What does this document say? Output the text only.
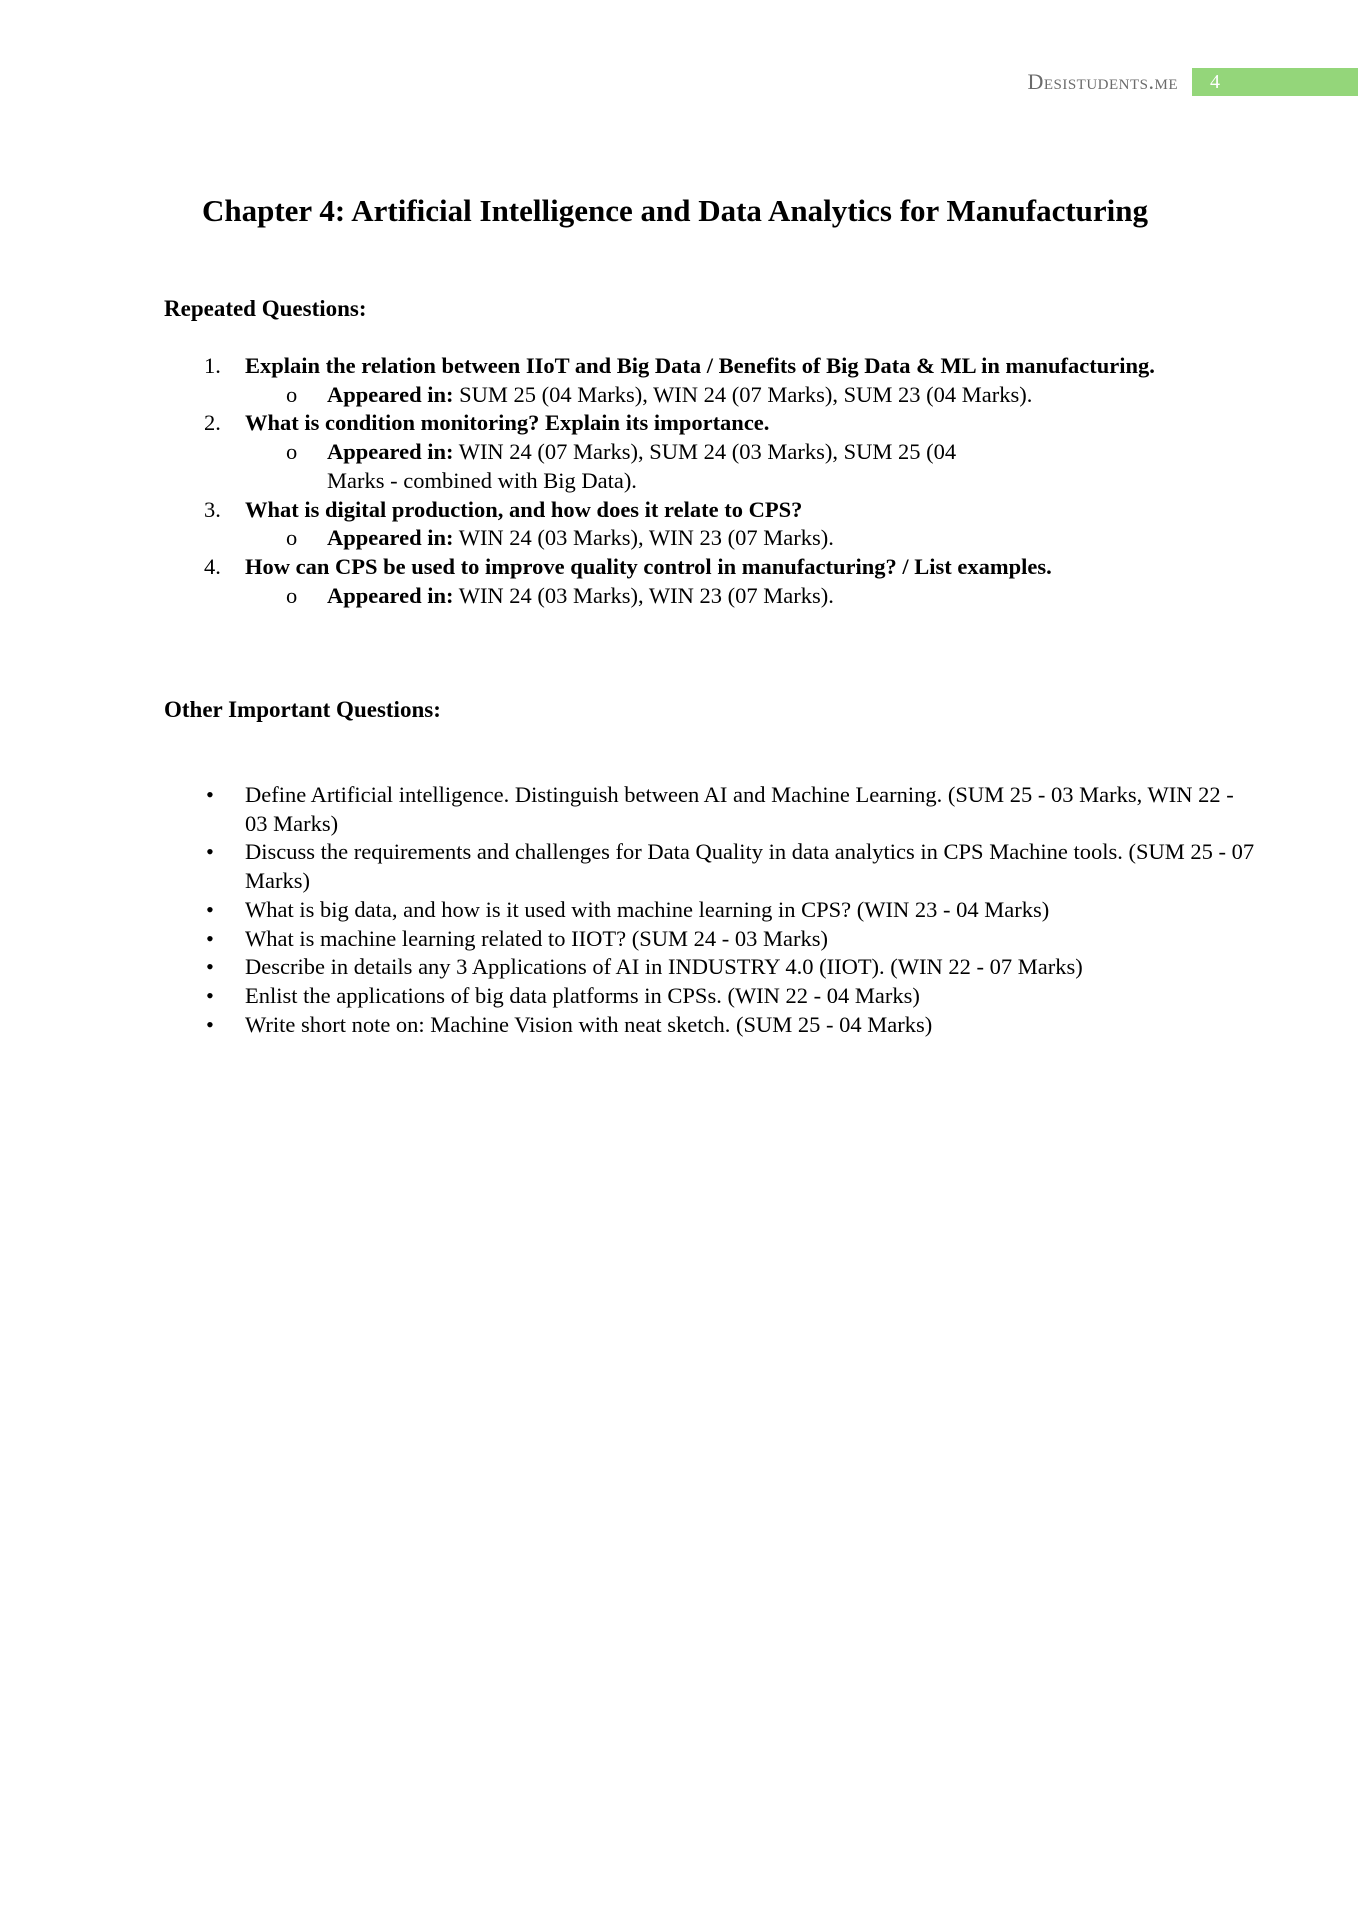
Desistudents.me 4
Chapter 4: Artificial Intelligence and Data Analytics for Manufacturing
Repeated Questions:
1. Explain the relation between IIoT and Big Data / Benefits of Big Data & ML in manufacturing.
o Appeared in: SUM 25 (04 Marks), WIN 24 (07 Marks), SUM 23 (04 Marks).
2. What is condition monitoring? Explain its importance.
o Appeared in: WIN 24 (07 Marks), SUM 24 (03 Marks), SUM 25 (04 Marks - combined with Big Data).
3. What is digital production, and how does it relate to CPS?
o Appeared in: WIN 24 (03 Marks), WIN 23 (07 Marks).
4. How can CPS be used to improve quality control in manufacturing? / List examples.
o Appeared in: WIN 24 (03 Marks), WIN 23 (07 Marks).
Other Important Questions:
• Define Artificial intelligence. Distinguish between AI and Machine Learning. (SUM 25 - 03 Marks, WIN 22 - 03 Marks)
• Discuss the requirements and challenges for Data Quality in data analytics in CPS Machine tools. (SUM 25 - 07 Marks)
• What is big data, and how is it used with machine learning in CPS? (WIN 23 - 04 Marks)
• What is machine learning related to IIOT? (SUM 24 - 03 Marks)
• Describe in details any 3 Applications of AI in INDUSTRY 4.0 (IIOT). (WIN 22 - 07 Marks)
• Enlist the applications of big data platforms in CPSs. (WIN 22 - 04 Marks)
• Write short note on: Machine Vision with neat sketch. (SUM 25 - 04 Marks)
